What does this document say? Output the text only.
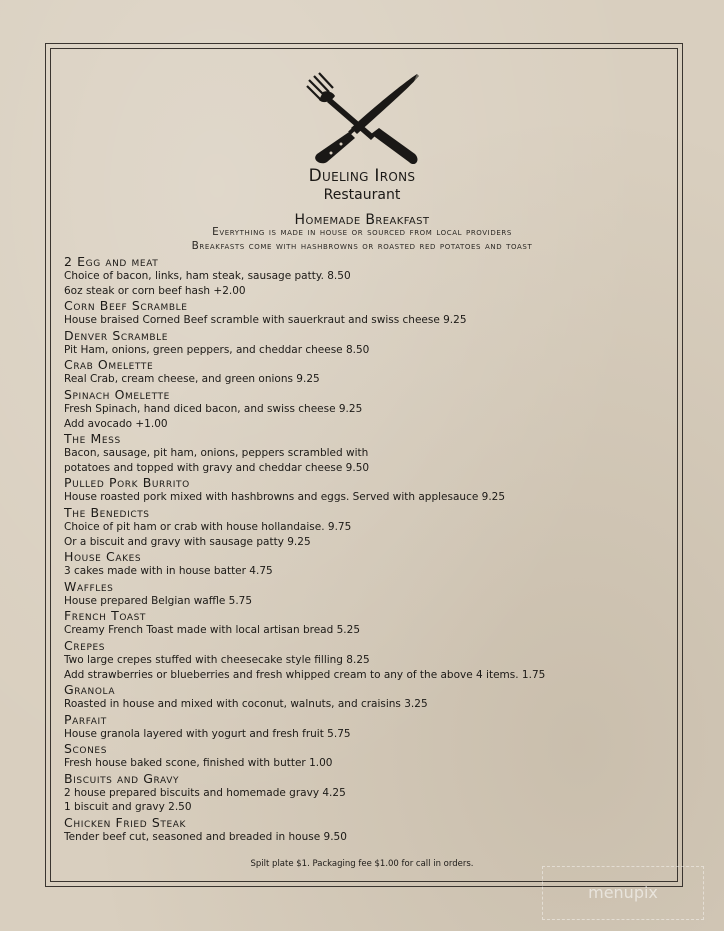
Dueling Irons
Restaurant
Homemade Breakfast
Everything is made in house or sourced from local providers
Breakfasts come with hashbrowns or roasted red potatoes and toast
2 Egg and meat
Choice of bacon, links, ham steak, sausage patty. 8.50
6oz steak or corn beef hash +2.00
Corn Beef Scramble
House braised Corned Beef scramble with sauerkraut and swiss cheese 9.25
Denver Scramble
Pit Ham, onions, green peppers, and cheddar cheese 8.50
Crab Omelette
Real Crab, cream cheese, and green onions 9.25
Spinach Omelette
Fresh Spinach, hand diced bacon, and swiss cheese 9.25
Add avocado +1.00
The Mess
Bacon, sausage, pit ham, onions, peppers scrambled with
potatoes and topped with gravy and cheddar cheese 9.50
Pulled Pork Burrito
House roasted pork mixed with hashbrowns and eggs. Served with applesauce 9.25
The Benedicts
Choice of pit ham or crab with house hollandaise. 9.75
Or a biscuit and gravy with sausage patty 9.25
House Cakes
3 cakes made with in house batter 4.75
Waffles
House prepared Belgian waffle 5.75
French Toast
Creamy French Toast made with local artisan bread 5.25
Crepes
Two large crepes stuffed with cheesecake style filling 8.25
Add strawberries or blueberries and fresh whipped cream to any of the above 4 items. 1.75
Granola
Roasted in house and mixed with coconut, walnuts, and craisins 3.25
Parfait
House granola layered with yogurt and fresh fruit 5.75
Scones
Fresh house baked scone, finished with butter 1.00
Biscuits and Gravy
2 house prepared biscuits and homemade gravy 4.25
1 biscuit and gravy 2.50
Chicken Fried Steak
Tender beef cut, seasoned and breaded in house 9.50
Spilt plate $1. Packaging fee $1.00 for call in orders.
menupix
